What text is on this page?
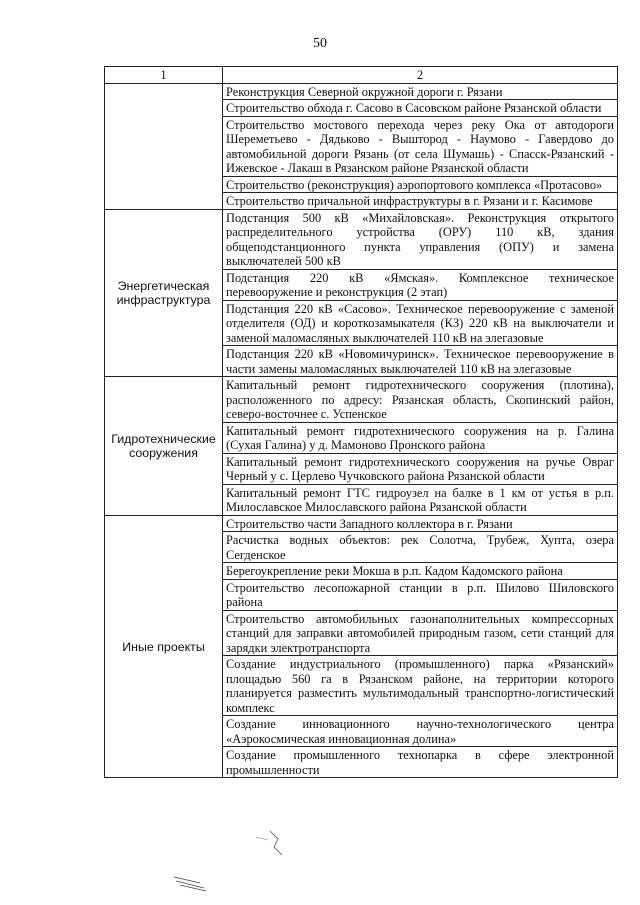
50
1	2
	Реконструкция Северной окружной дороги г. Рязани
	Строительство обхода г. Сасово в Сасовском районе Рязанской области
	Строительство мостового перехода через реку Ока от автодороги Шереметьево - Дядьково - Выштород - Наумово - Гавердово до автомобильной дороги Рязань (от села Шумашь) - Спасск-Рязанский - Ижевское - Лакаш в Рязанском районе Рязанской области
	Строительство (реконструкция) аэропортового комплекса «Протасово»
	Строительство причальной инфраструктуры в г. Рязани и г. Касимове
Энергетическая инфраструктура	Подстанция 500 кВ «Михайловская». Реконструкция открытого распределительного устройства (ОРУ) 110 кВ, здания общеподстанционного пункта управления (ОПУ) и замена выключателей 500 кВ
	Подстанция 220 кВ «Ямская». Комплексное техническое перевооружение и реконструкция (2 этап)
	Подстанция 220 кВ «Сасово». Техническое перевооружение с заменой отделителя (ОД) и короткозамыкателя (КЗ) 220 кВ на выключатели и заменой маломасляных выключателей 110 кВ на элегазовые
	Подстанция 220 кВ «Новомичуринск». Техническое перевооружение в части замены маломасляных выключателей 110 кВ на элегазовые
Гидротехнические сооружения	Капитальный ремонт гидротехнического сооружения (плотина), расположенного по адресу: Рязанская область, Скопинский район, северо-восточнее с. Успенское
	Капитальный ремонт гидротехнического сооружения на р. Галина (Сухая Галина) у д. Мамоново Пронского района
	Капитальный ремонт гидротехнического сооружения на ручье Овраг Черный у с. Церлево Чучковского района Рязанской области
	Капитальный ремонт ГТС гидроузел на балке в 1 км от устья в р.п. Милославское Милославского района Рязанской области
Иные проекты	Строительство части Западного коллектора в г. Рязани
	Расчистка водных объектов: рек Солотча, Трубеж, Хупта, озера Сегденское
	Берегоукрепление реки Мокша в р.п. Кадом Кадомского района
	Строительство лесопожарной станции в р.п. Шилово Шиловского района
	Строительство автомобильных газонаполнительных компрессорных станций для заправки автомобилей природным газом, сети станций для зарядки электротранспорта
	Создание индустриального (промышленного) парка «Рязанский» площадью 560 га в Рязанском районе, на территории которого планируется разместить мультимодальный транспортно-логистический комплекс
	Создание инновационного научно-технологического центра «Аэрокосмическая инновационная долина»
	Создание промышленного технопарка в сфере электронной промышленности
